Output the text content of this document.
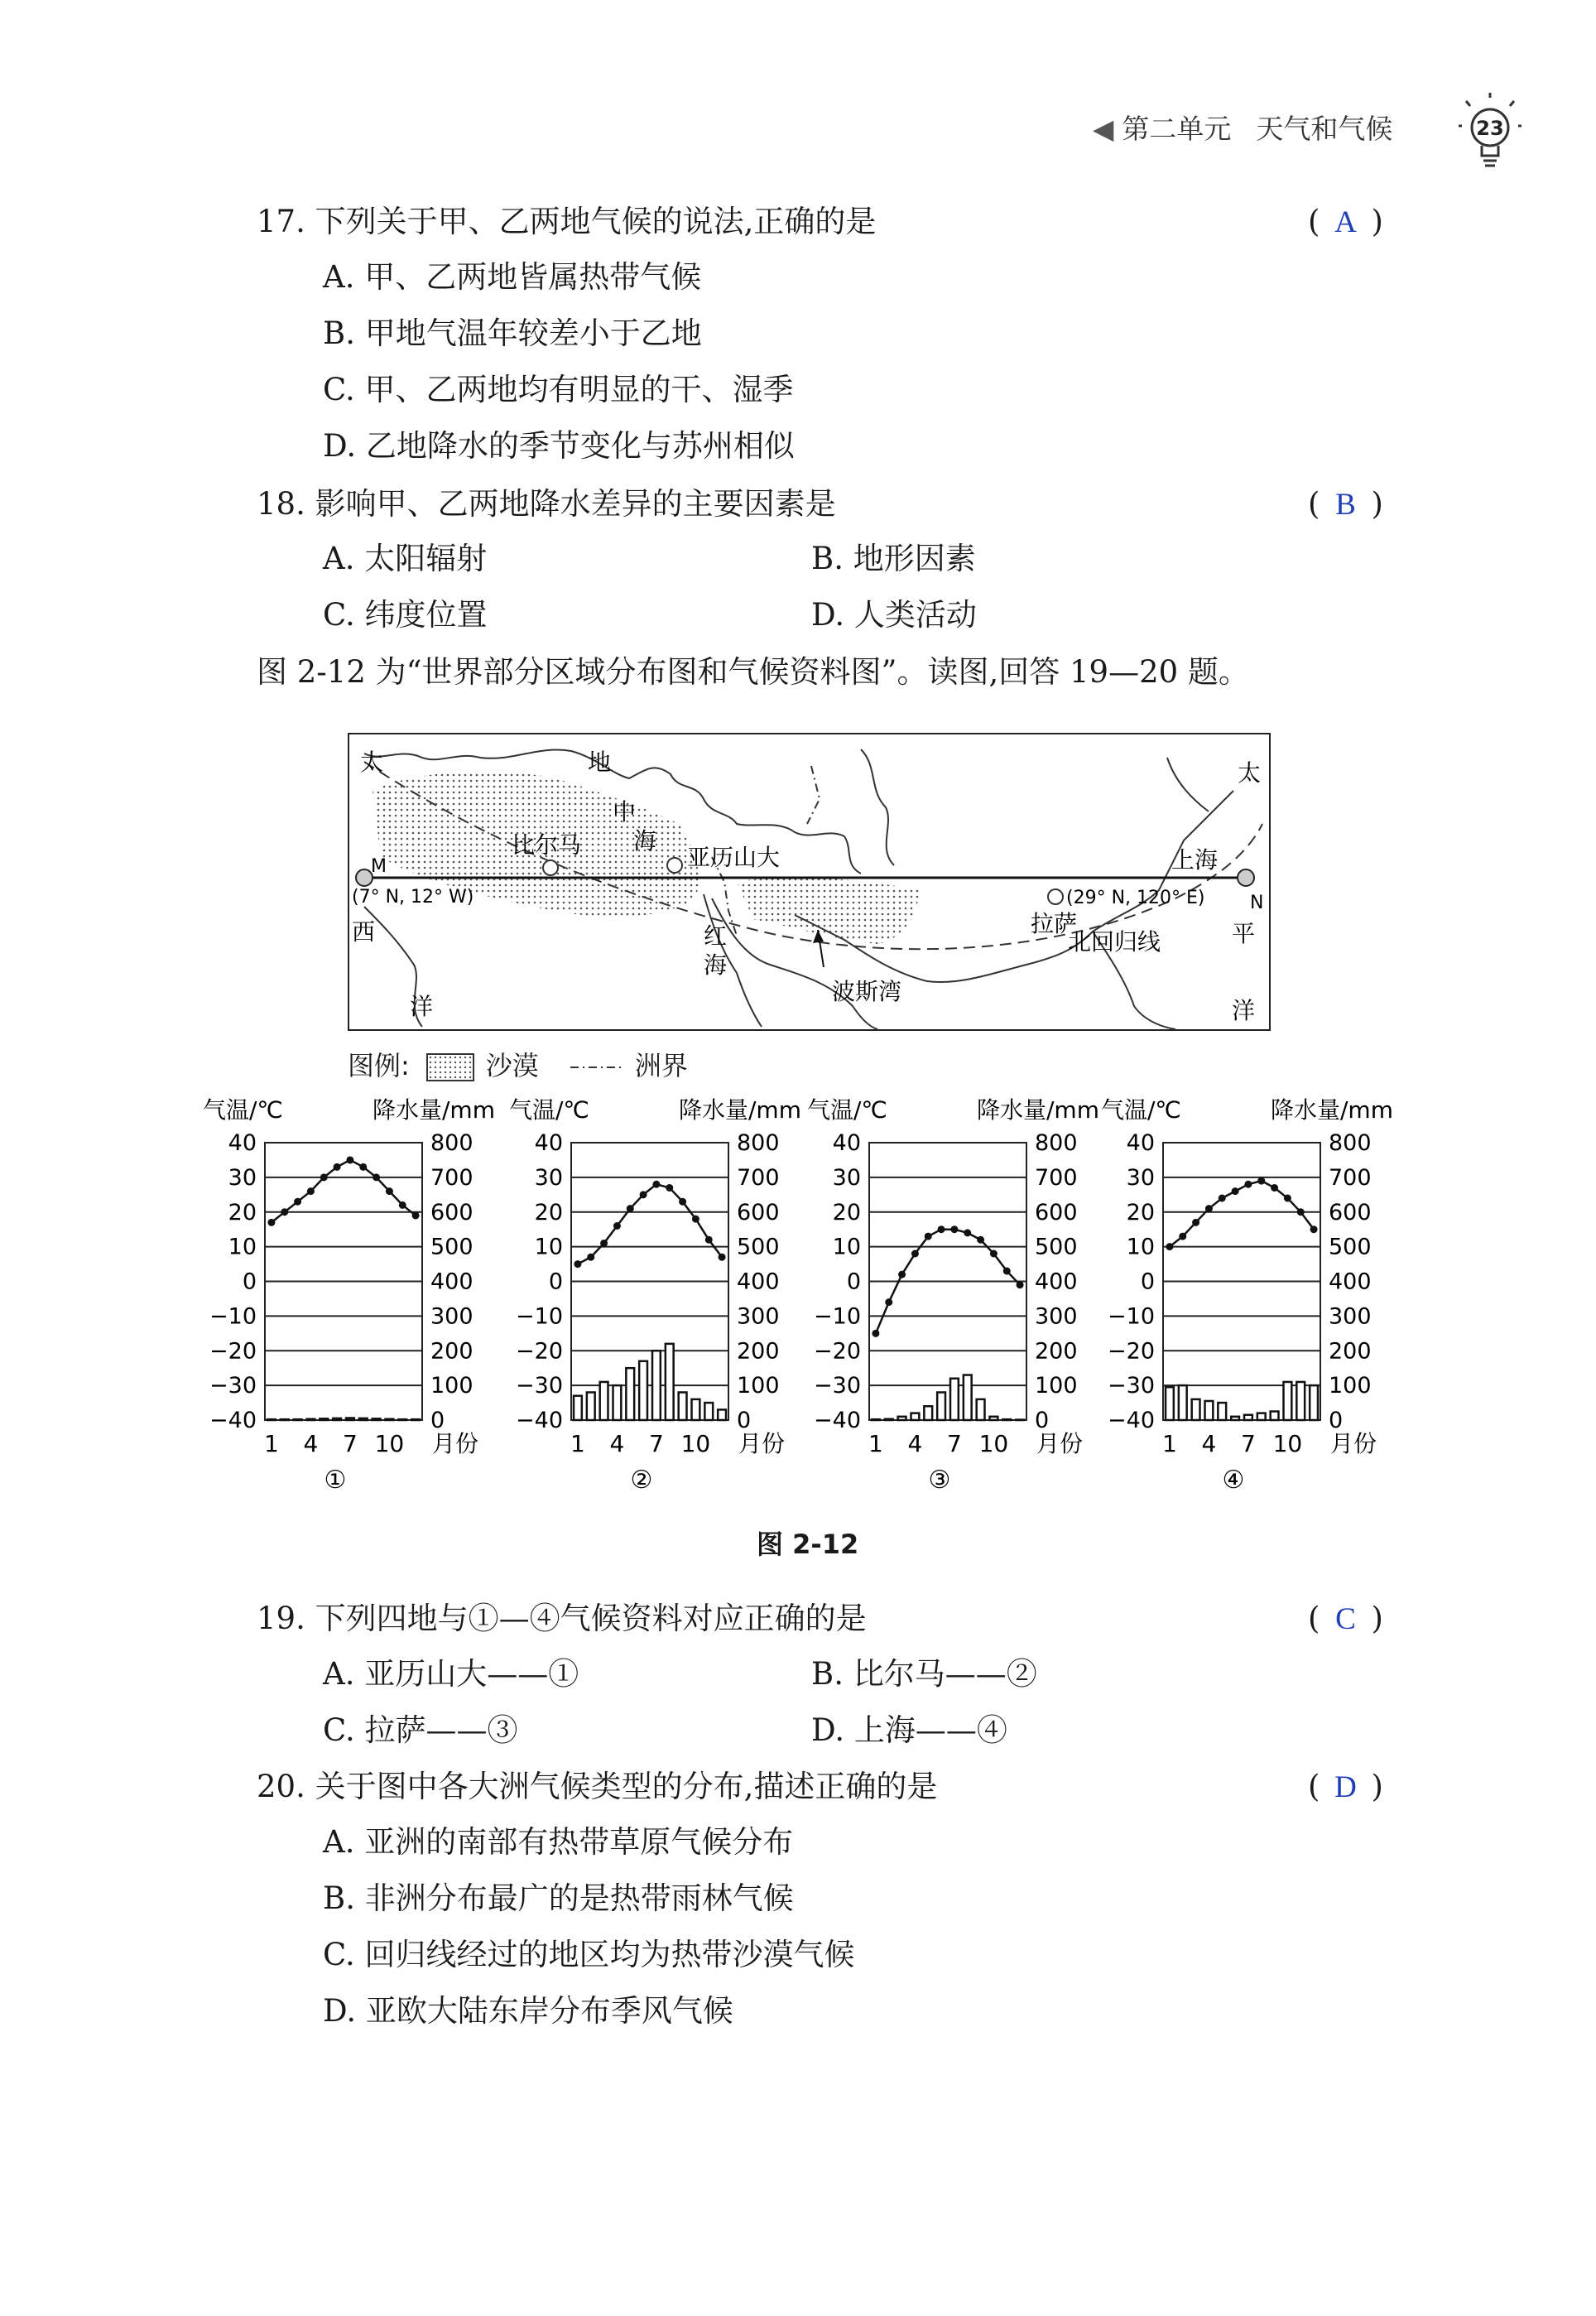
◀ 第二单元 天气和气候	23
17. 下列关于甲、乙两地气候的说法,正确的是	( A )
A. 甲、乙两地皆属热带气候
B. 甲地气温年较差小于乙地
C. 甲、乙两地均有明显的干、湿季
D. 乙地降水的季节变化与苏州相似
18. 影响甲、乙两地降水差异的主要因素是	( B )
A. 太阳辐射	B. 地形因素
C. 纬度位置	D. 人类活动
图 2-12 为“世界部分区域分布图和气候资料图”。读图,回答 19—20 题。
太
西
洋
地
中
海
比尔马	亚历山大
M
(7° N, 12° W)
红
海
波斯湾
拉萨
北回归线
上海
(29° N, 120° E) N
太
平
洋
图例:	沙漠	洲界
气温/℃	降水量/mm
40
30
20
10
0
−10
−20
−30
−40
800
700
600
500
400
300
200
100
0
1 4 7 10 月份
①
气温/℃	降水量/mm
40
30
20
10
0
−10
−20
−30
−40
800
700
600
500
400
300
200
100
0
1 4 7 10 月份
②
气温/℃	降水量/mm
40
30
20
10
0
−10
−20
−30
−40
800
700
600
500
400
300
200
100
0
1 4 7 10 月份
③
气温/℃	降水量/mm
40
30
20
10
0
−10
−20
−30
−40
800
700
600
500
400
300
200
100
0
1 4 7 10 月份
④
图 2-12
19. 下列四地与①—④气候资料对应正确的是	( C )
A. 亚历山大——①	B. 比尔马——②
C. 拉萨——③	D. 上海——④
20. 关于图中各大洲气候类型的分布,描述正确的是	( D )
A. 亚洲的南部有热带草原气候分布
B. 非洲分布最广的是热带雨林气候
C. 回归线经过的地区均为热带沙漠气候
D. 亚欧大陆东岸分布季风气候
